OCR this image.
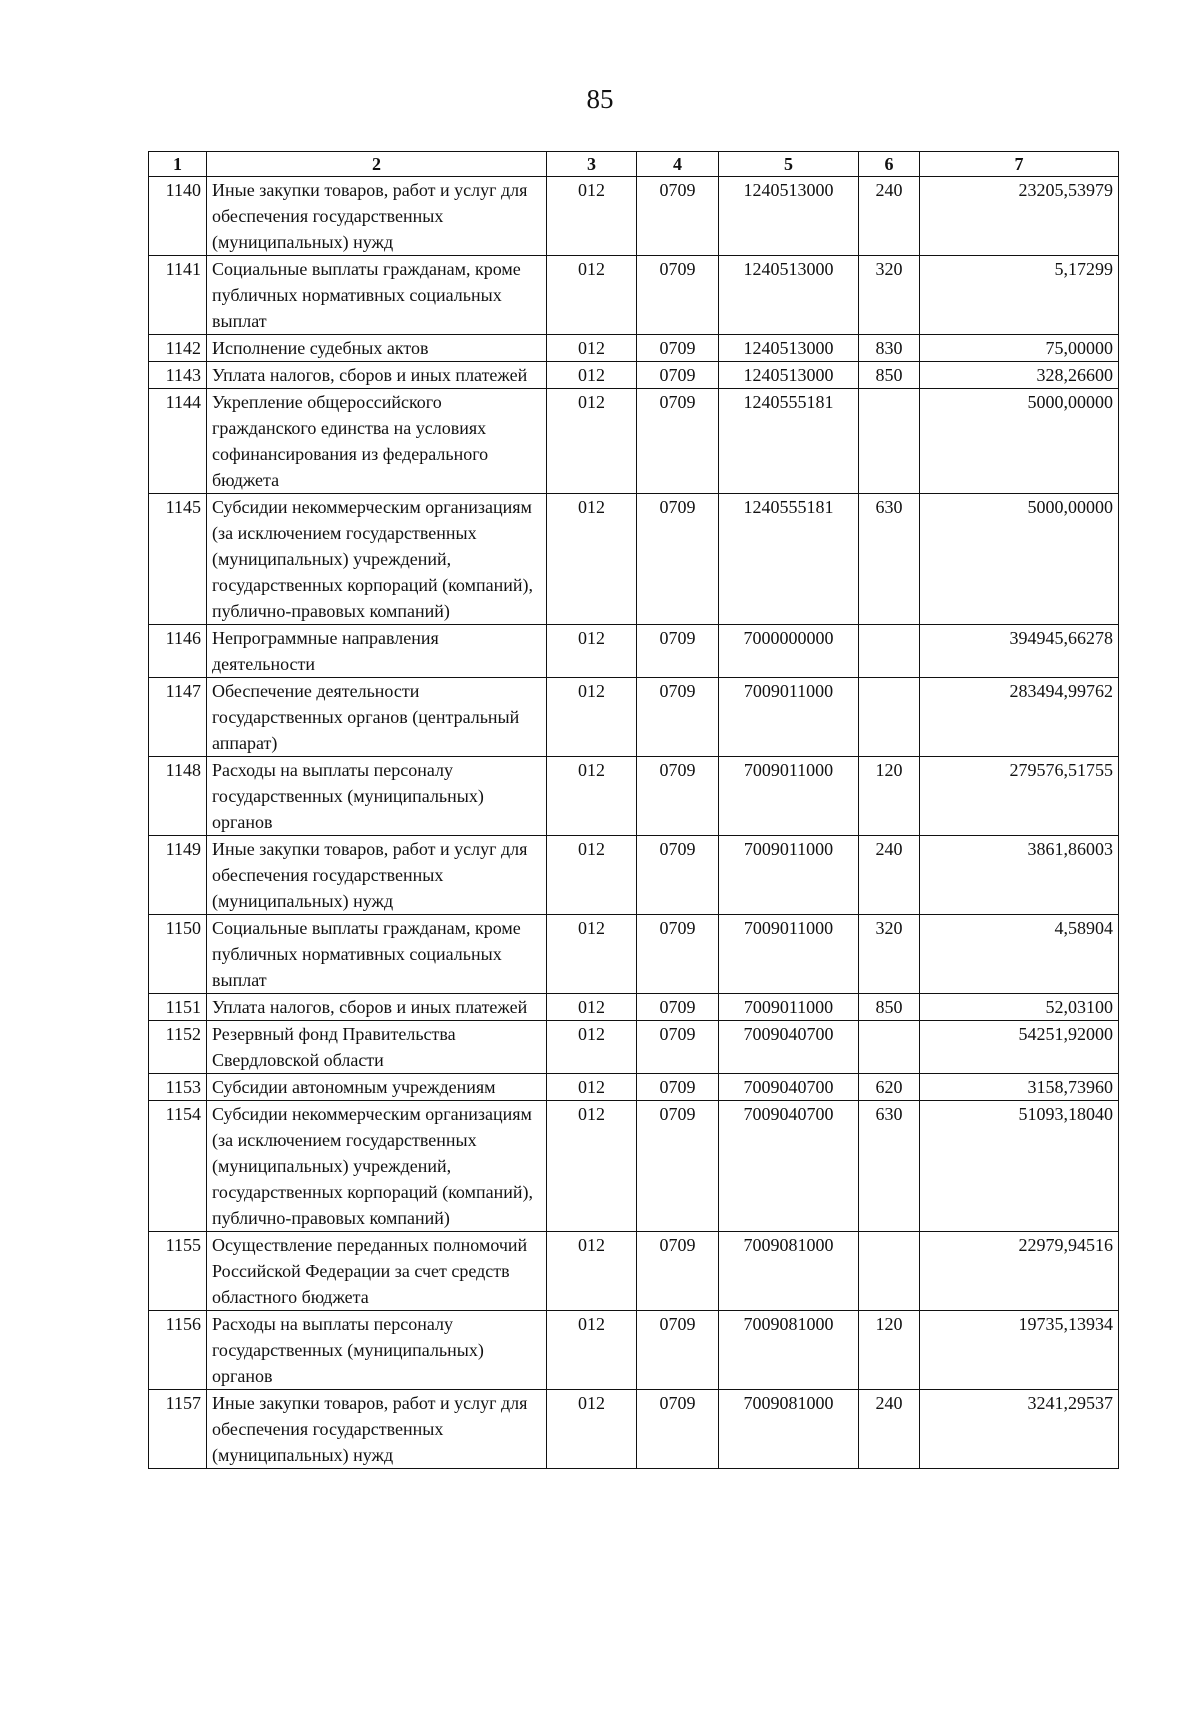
85
1	2	3	4	5	6	7
1140	Иные закупки товаров, работ и услуг для обеспечения государственных (муниципальных) нужд	012	0709	1240513000	240	23205,53979
1141	Социальные выплаты гражданам, кроме публичных нормативных социальных выплат	012	0709	1240513000	320	5,17299
1142	Исполнение судебных актов	012	0709	1240513000	830	75,00000
1143	Уплата налогов, сборов и иных платежей	012	0709	1240513000	850	328,26600
1144	Укрепление общероссийского гражданского единства на условиях софинансирования из федерального бюджета	012	0709	1240555181		5000,00000
1145	Субсидии некоммерческим организациям (за исключением государственных (муниципальных) учреждений, государственных корпораций (компаний), публично-правовых компаний)	012	0709	1240555181	630	5000,00000
1146	Непрограммные направления деятельности	012	0709	7000000000		394945,66278
1147	Обеспечение деятельности государственных органов (центральный аппарат)	012	0709	7009011000		283494,99762
1148	Расходы на выплаты персоналу государственных (муниципальных) органов	012	0709	7009011000	120	279576,51755
1149	Иные закупки товаров, работ и услуг для обеспечения государственных (муниципальных) нужд	012	0709	7009011000	240	3861,86003
1150	Социальные выплаты гражданам, кроме публичных нормативных социальных выплат	012	0709	7009011000	320	4,58904
1151	Уплата налогов, сборов и иных платежей	012	0709	7009011000	850	52,03100
1152	Резервный фонд Правительства Свердловской области	012	0709	7009040700		54251,92000
1153	Субсидии автономным учреждениям	012	0709	7009040700	620	3158,73960
1154	Субсидии некоммерческим организациям (за исключением государственных (муниципальных) учреждений, государственных корпораций (компаний), публично-правовых компаний)	012	0709	7009040700	630	51093,18040
1155	Осуществление переданных полномочий Российской Федерации за счет средств областного бюджета	012	0709	7009081000		22979,94516
1156	Расходы на выплаты персоналу государственных (муниципальных) органов	012	0709	7009081000	120	19735,13934
1157	Иные закупки товаров, работ и услуг для обеспечения государственных (муниципальных) нужд	012	0709	7009081000	240	3241,29537
